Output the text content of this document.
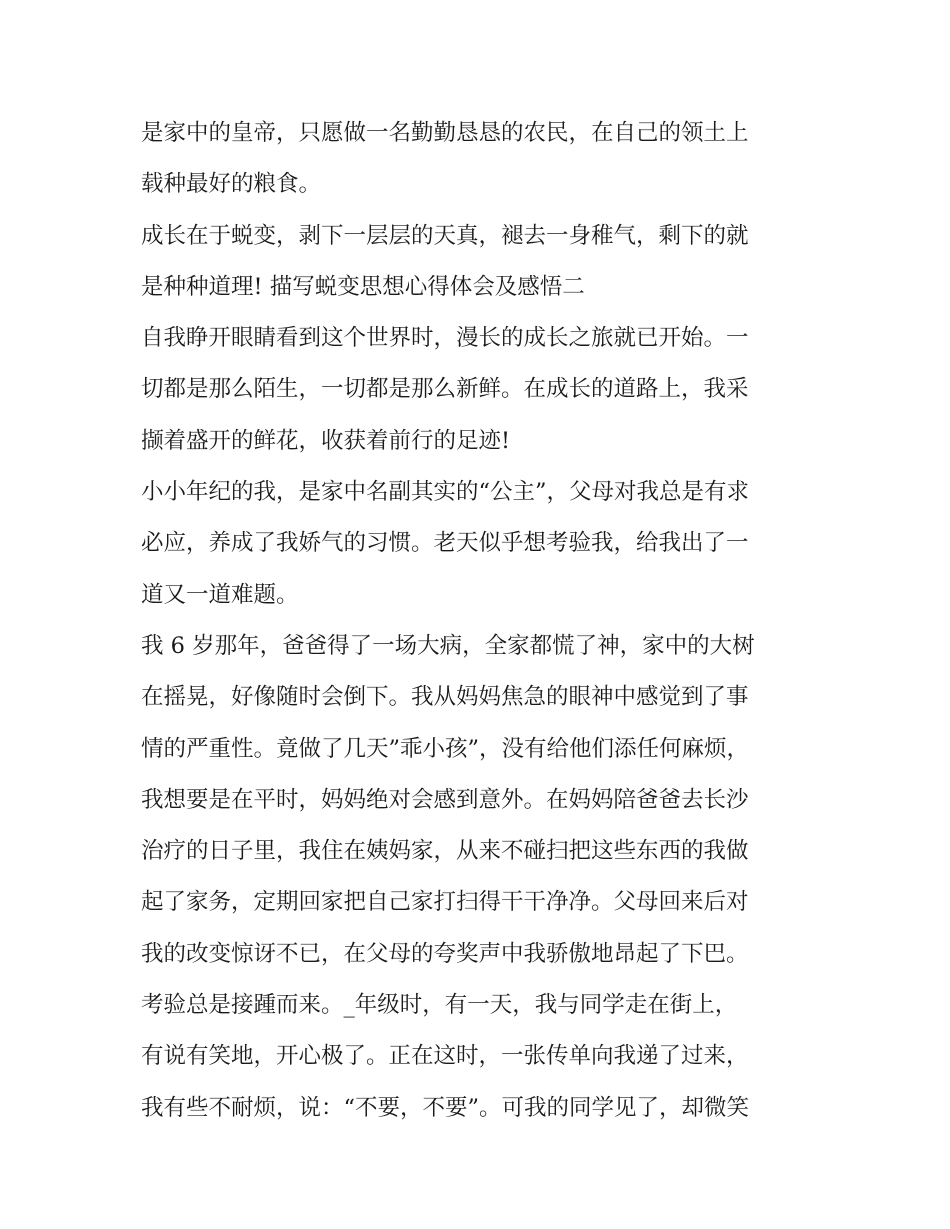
是家中的皇帝，只愿做一名勤勤恳恳的农民，在自己的领土上
载种最好的粮食。
成长在于蜕变，剥下一层层的天真，褪去一身稚气，剩下的就
是种种道理! 描写蜕变思想心得体会及感悟二
自我睁开眼睛看到这个世界时，漫长的成长之旅就已开始。一
切都是那么陌生，一切都是那么新鲜。在成长的道路上，我采
撷着盛开的鲜花，收获着前行的足迹!
小小年纪的我，是家中名副其实的“公主”，父母对我总是有求
必应，养成了我娇气的习惯。老天似乎想考验我，给我出了一
道又一道难题。
我 6 岁那年，爸爸得了一场大病，全家都慌了神，家中的大树
在摇晃，好像随时会倒下。我从妈妈焦急的眼神中感觉到了事
情的严重性。竟做了几天”乖小孩”，没有给他们添任何麻烦，
我想要是在平时，妈妈绝对会感到意外。在妈妈陪爸爸去长沙
治疗的日子里，我住在姨妈家，从来不碰扫把这些东西的我做
起了家务，定期回家把自己家打扫得干干净净。父母回来后对
我的改变惊讶不已，在父母的夸奖声中我骄傲地昂起了下巴。
考验总是接踵而来。_年级时，有一天，我与同学走在街上，
有说有笑地，开心极了。正在这时，一张传单向我递了过来，
我有些不耐烦，说：“不要，不要”。可我的同学见了，却微笑
